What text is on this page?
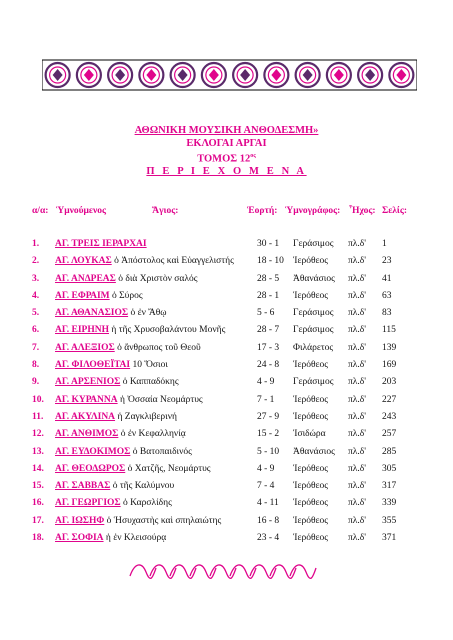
ΑΘΩΝΙΚΗ ΜΟΥΣΙΚΗ ΑΝΘΟΔΕΣΜΗ»
ΕΚΛΟΓΑΙ ΑΡΓΑΙ
ΤΟΜΟΣ $12^{o\varsigma}$
Π Ε Ρ Ι Ε Χ Ο Μ Ε Ν Α
α/α: Ὑμνούμενος	Ἅγιος:	Ἑορτή: Ὑμνογράφος: Ἦχος: Σελίς:
1.	ΑΓ. ΤΡΕΙΣ ΙΕΡΑΡΧΑΙ	30 - 1 Γεράσιμος πλ.δ' 1
2.	ΑΓ. ΛΟΥΚΑΣ ὁ Ἀπόστολος καὶ Εὐαγγελιστής 18 - 10 Ἱερόθεος πλ.δ' 23
3.	ΑΓ. ΑΝΔΡΕΑΣ ὁ διὰ Χριστὸν σαλός	28 - 5 Ἀθανάσιος πλ.δ' 41
4.	ΑΓ. ΕΦΡΑΙΜ ὁ Σύρος	28 - 1 Ἱερόθεος πλ.δ' 63
5.	ΑΓ. ΑΘΑΝΑΣΙΟΣ ὁ ἐν Ἄθῳ	5 - 6 Γεράσιμος πλ.δ' 83
6.	ΑΓ. ΕΙΡΗΝΗ ἡ τῆς Χρυσοβαλάντου Μονῆς	28 - 7 Γεράσιμος πλ.δ' 115
7.	ΑΓ. ΑΛΕΞΙΟΣ ὁ ἄνθρωπος τοῦ Θεοῦ	17 - 3 Φιλάρετος πλ.δ' 139
8.	ΑΓ. ΦΙΛΟΘΕΪΤΑΙ 10 Ὅσιοι	24 - 8 Ἱερόθεος πλ.δ' 169
9.	ΑΓ. ΑΡΣΕΝΙΟΣ ὁ Καππαδόκης	4 - 9 Γεράσιμος πλ.δ' 203
10.	ΑΓ. ΚΥΡΑΝΝΑ ἡ Ὀσσαία Νεομάρτυς	7 - 1 Ἱερόθεος πλ.δ' 227
11.	ΑΓ. ΑΚΥΛΙΝΑ ἡ Ζαγκλιβερινή	27 - 9 Ἱερόθεος πλ.δ' 243
12.	ΑΓ. ΑΝΘΙΜΟΣ ὁ ἐν Κεφαλληνίᾳ	15 - 2 Ἰσιδώρα πλ.δ' 257
13.	ΑΓ. ΕΥΔΟΚΙΜΟΣ ὁ Βατοπαιδινός	5 - 10 Ἀθανάσιος πλ.δ' 285
14.	ΑΓ. ΘΕΟΔΩΡΟΣ ὁ Χατζῆς, Νεομάρτυς	4 - 9 Ἱερόθεος πλ.δ' 305
15.	ΑΓ. ΣΑΒΒΑΣ ὁ τῆς Καλύμνου	7 - 4 Ἱερόθεος πλ.δ' 317
16.	ΑΓ. ΓΕΩΡΓΙΟΣ ὁ Καρσλίδης	4 - 11 Ἱερόθεος πλ.δ' 339
17.	ΑΓ. ΙΩΣΗΦ ὁ Ἡσυχαστὴς καὶ σπηλαιώτης	16 - 8 Ἱερόθεος πλ.δ' 355
18.	ΑΓ. ΣΟΦΙΑ ἡ ἐν Κλεισούρᾳ	23 - 4 Ἱερόθεος πλ.δ' 371
